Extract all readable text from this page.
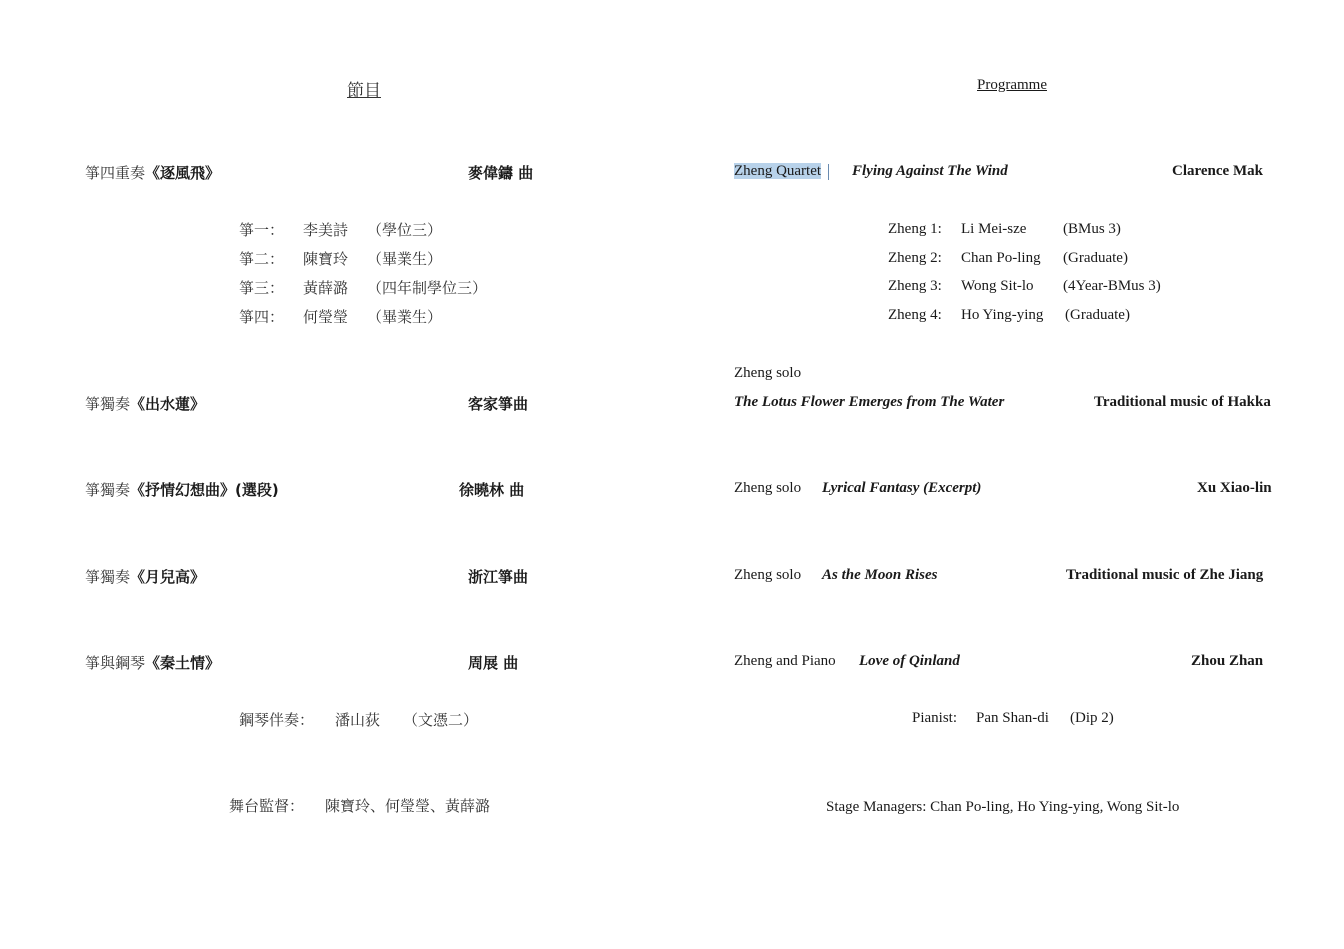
節目
箏四重奏《逐風飛》	麥偉鑄 曲
箏一： 李美詩 （學位三）
箏二： 陳寶玲 （畢業生）
箏三： 黃薛潞 （四年制學位三）
箏四： 何瑩瑩 （畢業生）
箏獨奏《出水蓮》	客家箏曲
箏獨奏《抒情幻想曲》(選段)	徐曉林 曲
箏獨奏《月兒高》	浙江箏曲
箏與鋼琴《秦土情》	周展 曲
鋼琴伴奏： 潘山荻 （文憑二）
舞台監督： 陳寶玲、何瑩瑩、黃薛潞
Programme
Zheng Quartet	Flying Against The Wind	Clarence Mak
Zheng 1: Li Mei-sze (BMus 3)
Zheng 2: Chan Po-ling (Graduate)
Zheng 3: Wong Sit-lo (4Year-BMus 3)
Zheng 4: Ho Ying-ying (Graduate)
Zheng solo
The Lotus Flower Emerges from The Water	Traditional music of Hakka
Zheng solo Lyrical Fantasy (Excerpt)	Xu Xiao-lin
Zheng solo As the Moon Rises	Traditional music of Zhe Jiang
Zheng and Piano Love of Qinland	Zhou Zhan
Pianist: Pan Shan-di (Dip 2)
Stage Managers: Chan Po-ling, Ho Ying-ying, Wong Sit-lo
